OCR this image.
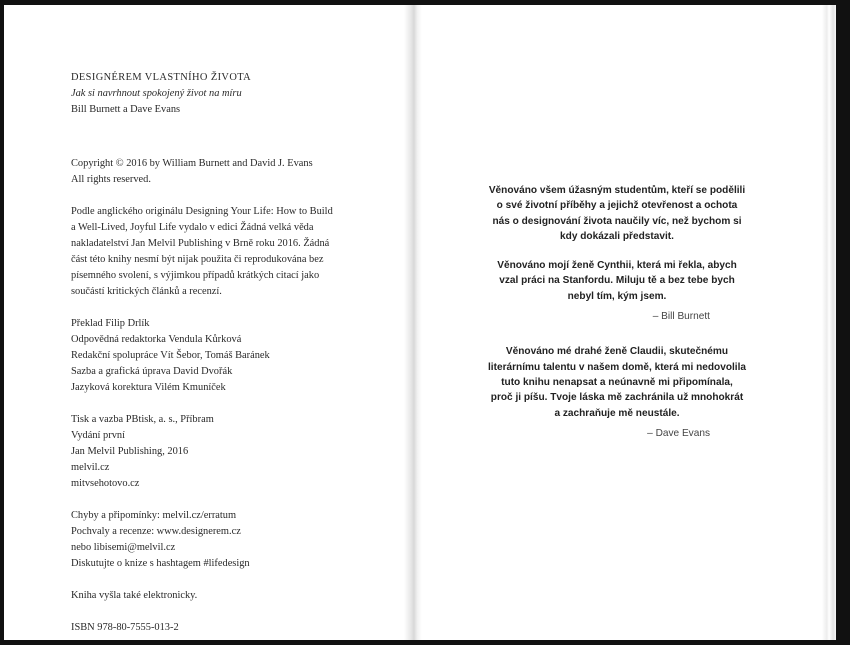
DESIGNÉREM VLASTNÍHO ŽIVOTA
Jak si navrhnout spokojený život na míru
Bill Burnett a Dave Evans
Copyright © 2016 by William Burnett and David J. Evans
All rights reserved.
Podle anglického originálu Designing Your Life: How to Build
a Well-Lived, Joyful Life vydalo v edici Žádná velká věda
nakladatelství Jan Melvil Publishing v Brně roku 2016. Žádná
část této knihy nesmí být nijak použita či reprodukována bez
písemného svolení, s výjimkou případů krátkých citací jako
součástí kritických článků a recenzí.
Překlad Filip Drlík
Odpovědná redaktorka Vendula Kůrková
Redakční spolupráce Vít Šebor, Tomáš Baránek
Sazba a grafická úprava David Dvořák
Jazyková korektura Vilém Kmuníček
Tisk a vazba PBtisk, a. s., Příbram
Vydání první
Jan Melvil Publishing, 2016
melvil.cz
mitvsehotovo.cz
Chyby a připomínky: melvil.cz/erratum
Pochvaly a recenze: www.designerem.cz
nebo libisemi@melvil.cz
Diskutujte o knize s hashtagem #lifedesign
Kniha vyšla také elektronicky.
ISBN 978-80-7555-013-2
Věnováno všem úžasným studentům, kteří se podělili
o své životní příběhy a jejichž otevřenost a ochota
nás o designování života naučily víc, než bychom si
kdy dokázali představit.
Věnováno mojí ženě Cynthii, která mi řekla, abych
vzal práci na Stanfordu. Miluju tě a bez tebe bych
nebyl tím, kým jsem.
– Bill Burnett
Věnováno mé drahé ženě Claudii, skutečnému
literárnímu talentu v našem domě, která mi nedovolila
tuto knihu nenapsat a neúnavně mi připomínala,
proč ji píšu. Tvoje láska mě zachránila už mnohokrát
a zachraňuje mě neustále.
– Dave Evans
